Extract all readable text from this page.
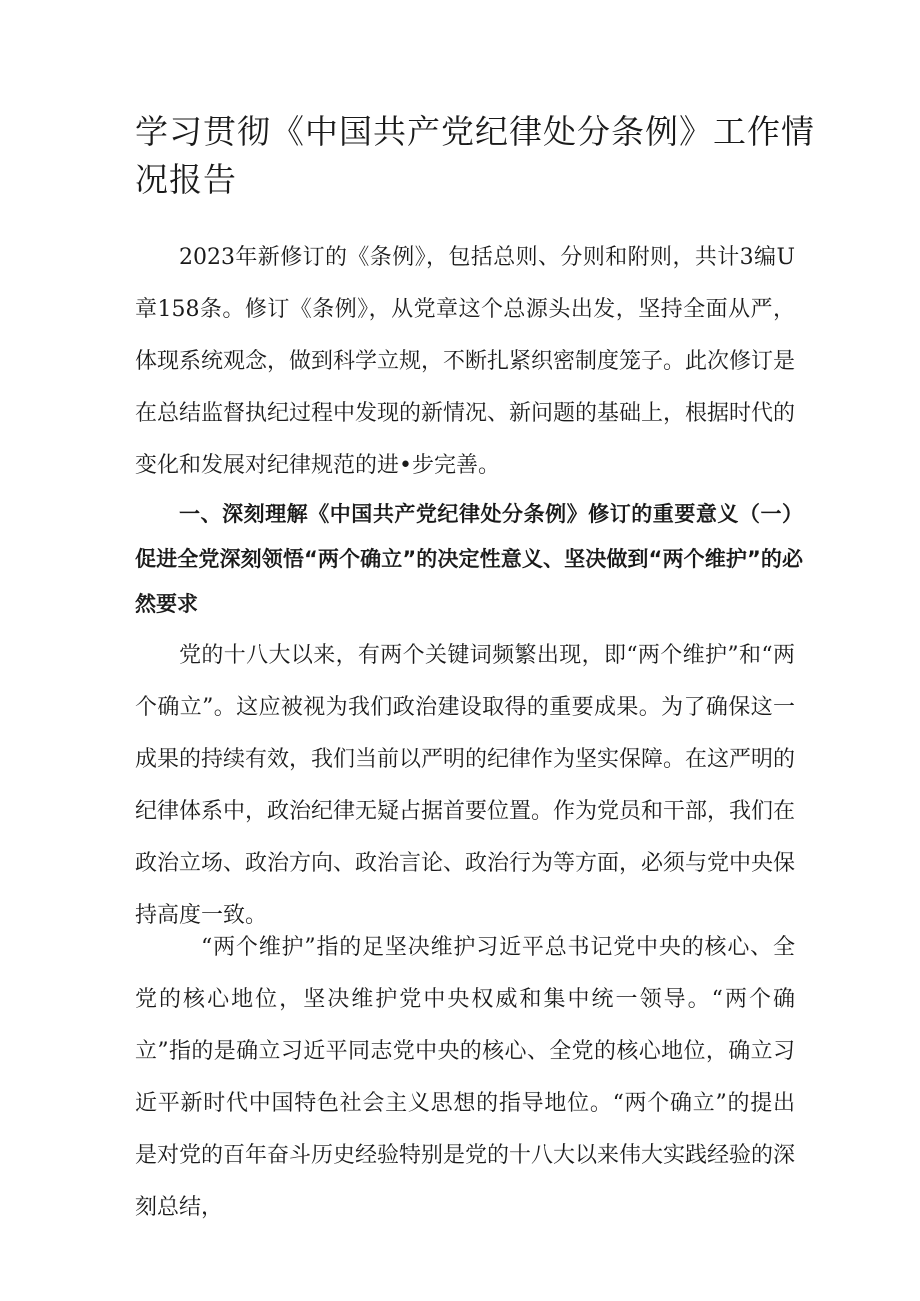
学习贯彻《中国共产党纪律处分条例》工作情况报告

2023年新修订的《条例》，包括总则、分则和附则，共计3编U章158条。修订《条例》，从党章这个总源头出发，坚持全面从严，体现系统观念，做到科学立规，不断扎紧织密制度笼子。此次修订是在总结监督执纪过程中发现的新情况、新问题的基础上，根据时代的变化和发展对纪律规范的进•步完善。

一、深刻理解《中国共产党纪律处分条例》修订的重要意义（一）促进全党深刻领悟“两个确立”的决定性意义、坚决做到“两个维护”的必然要求

党的十八大以来，有两个关键词频繁出现，即“两个维护”和“两个确立”。这应被视为我们政治建设取得的重要成果。为了确保这一成果的持续有效，我们当前以严明的纪律作为坚实保障。在这严明的纪律体系中，政治纪律无疑占据首要位置。作为党员和干部，我们在政治立场、政治方向、政治言论、政治行为等方面，必须与党中央保持高度一致。

“两个维护”指的足坚决维护习近平总书记党中央的核心、全党的核心地位，坚决维护党中央权威和集中统一领导。“两个确立”指的是确立习近平同志党中央的核心、全党的核心地位，确立习近平新时代中国特色社会主义思想的指导地位。“两个确立”的提出是对党的百年奋斗历史经验特别是党的十八大以来伟大实践经验的深刻总结，
